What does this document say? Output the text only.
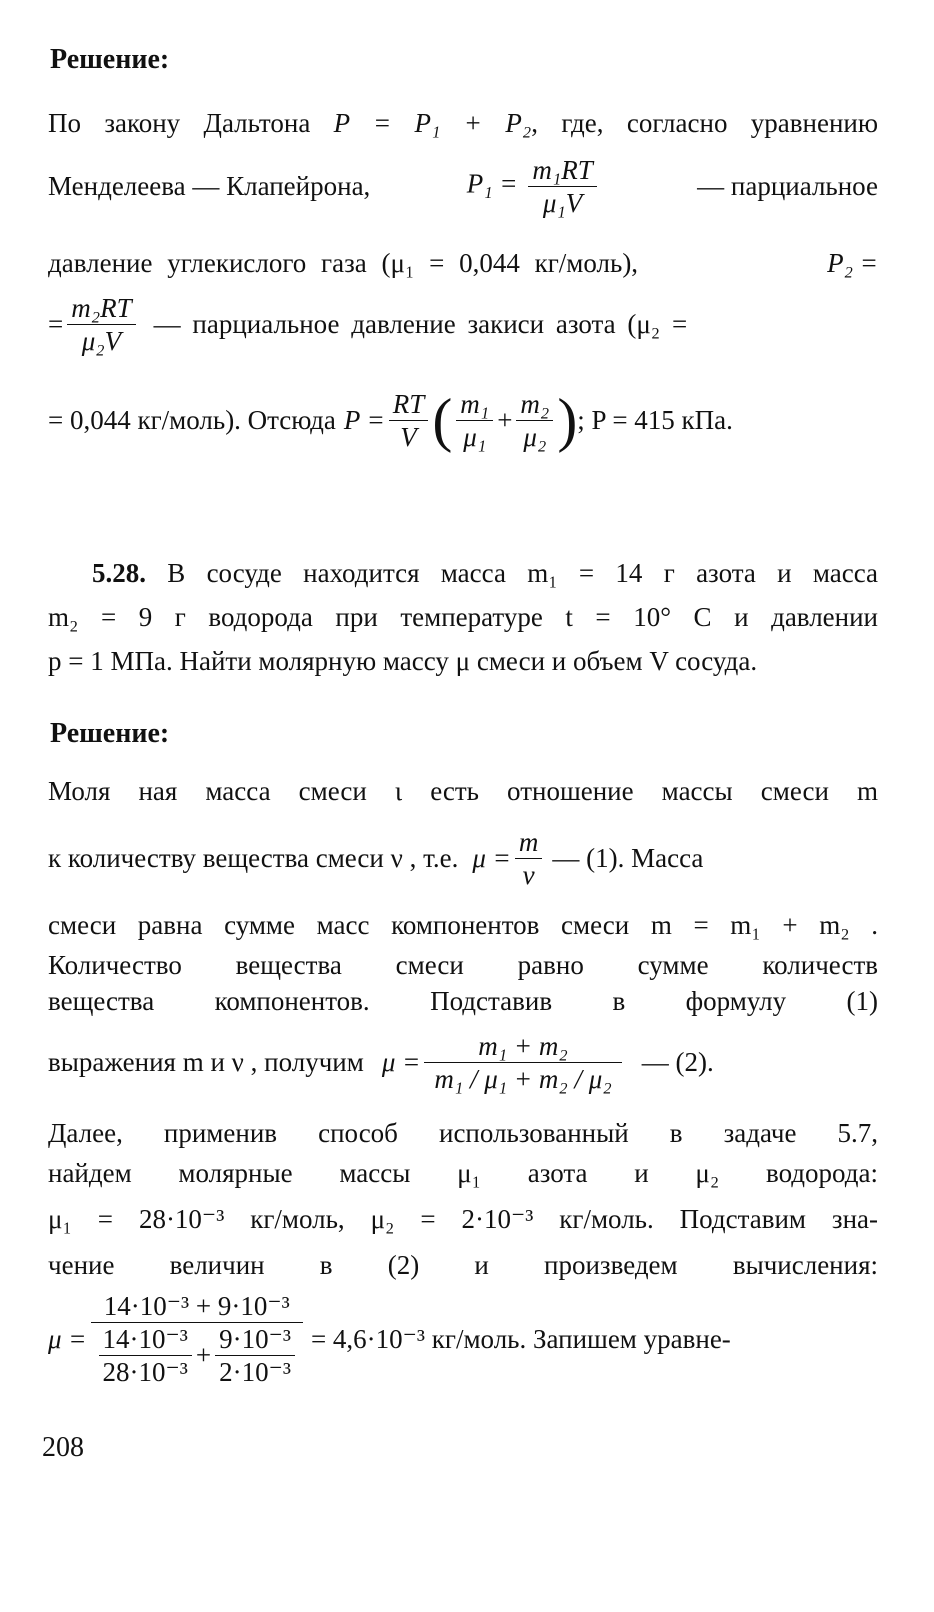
Решение:
По закону Дальтона P = P₁ + P₂, где, согласно уравнению
Менделеева — Клапейрона,	$P_1 = \frac{\text{m₁RT}}{\text{μ₁V}}$	— парциальное
давление углекислого газа (μ₁ = 0,044 кг/моль),	P₂ =
= $\frac{\text{m₂RT}}{\text{μ₂V}}$ — парциальное давление закиси азота (μ₂ =
= 0,044 кг/моль). Отсюда $P = \frac{RT}{V}$ ( $\frac{\text{m₁}}{\text{μ₁}} + \frac{\text{m₂}}{\text{μ₂}}$ ) ; P = 415 кПа.
5.28. В сосуде находится масса m₁ = 14 г азота и масса
m₂ = 9 г водорода при температуре t = 10° C и давлении
p = 1 МПа. Найти молярную массу μ смеси и объем V сосуда.
Решение:
Моля ная масса смеси ι есть отношение массы смеси m
к количеству вещества смеси ν , т.е. $\mu = \frac{m}{\nu}$ — (1). Масса
смеси равна сумме масс компонентов смеси m = m₁ + m₂ .
Количество вещества смеси равно сумме количеств
вещества компонентов. Подставив в формулу (1)
выражения m и ν , получим $\mu = \frac{\text{m₁ + m₂}}{\text{m₁ / μ₁ + m₂ / μ₂}}$ — (2).
Далее, применив способ использованный в задаче 5.7,
найдем молярные массы μ₁ азота и μ₂ водорода:
μ₁ = 28·10⁻³ кг/моль, μ₂ = 2·10⁻³ кг/моль. Подставим зна-
чение величин в (2) и произведем вычисления:
$\mu = \frac{\text{14·10⁻³ + 9·10⁻³}}{\frac{\text{14·10⁻³}}{\text{28·10⁻³}} + \frac{\text{9·10⁻³}}{\text{2·10⁻³}}} = 4,6\cdot 10^{-3}$ кг/моль. Запишем уравне-
208
